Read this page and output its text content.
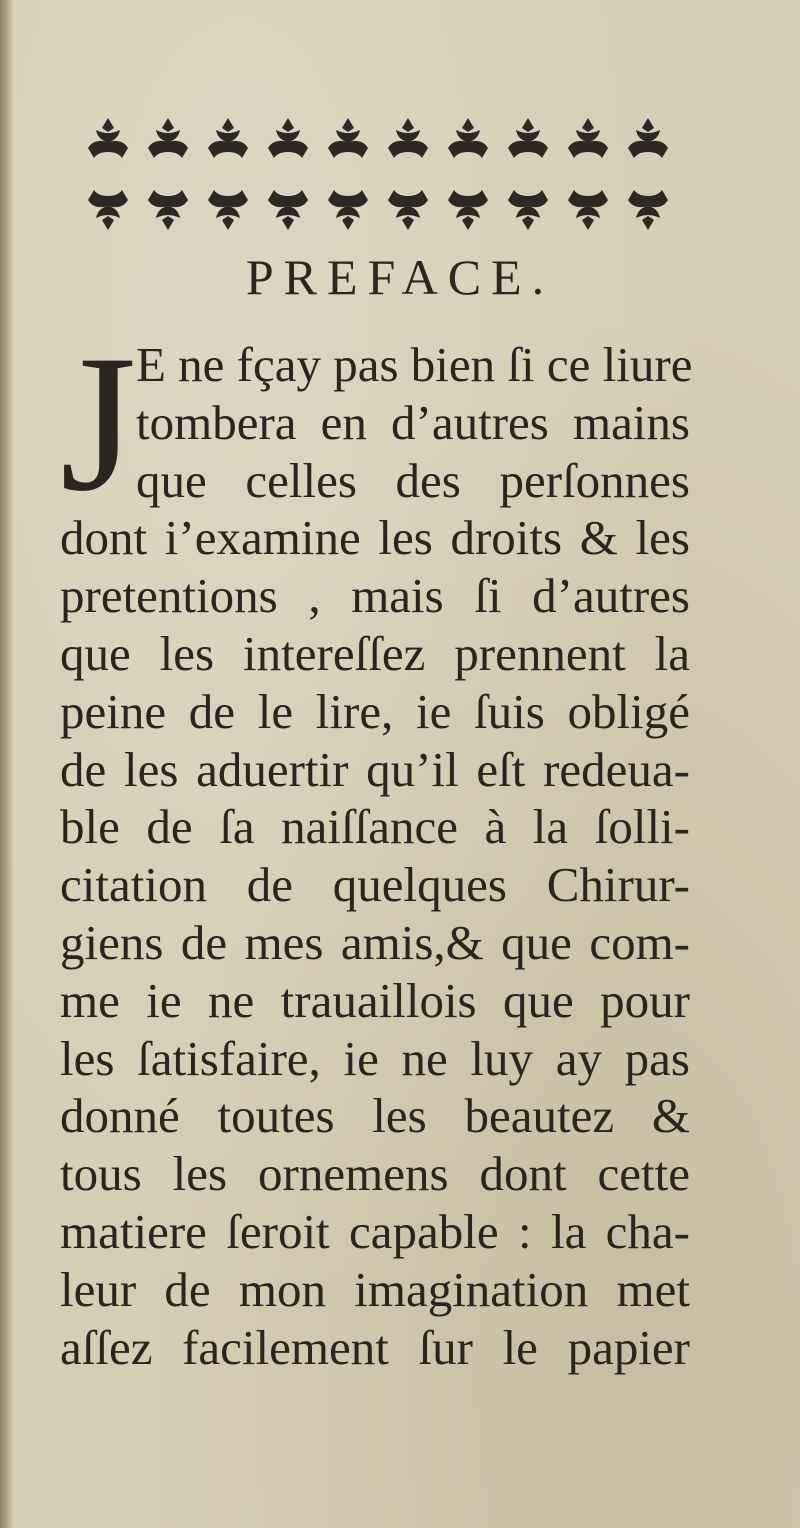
PREFACE.
J E ne fçay pas bien ſi ce liure
tombera en d’autres mains
que celles des perſonnes
dont i’examine les droits & les
pretentions , mais ſi d’autres
que les intereſſez prennent la
peine de le lire, ie ſuis obligé
de les aduertir qu’il eſt redeua-
ble de ſa naiſſance à la ſolli-
citation de quelques Chirur-
giens de mes amis,& que com-
me ie ne trauaillois que pour
les ſatisfaire, ie ne luy ay pas
donné toutes les beautez &
tous les ornemens dont cette
matiere ſeroit capable : la cha-
leur de mon imagination met
aſſez facilement ſur le papier
